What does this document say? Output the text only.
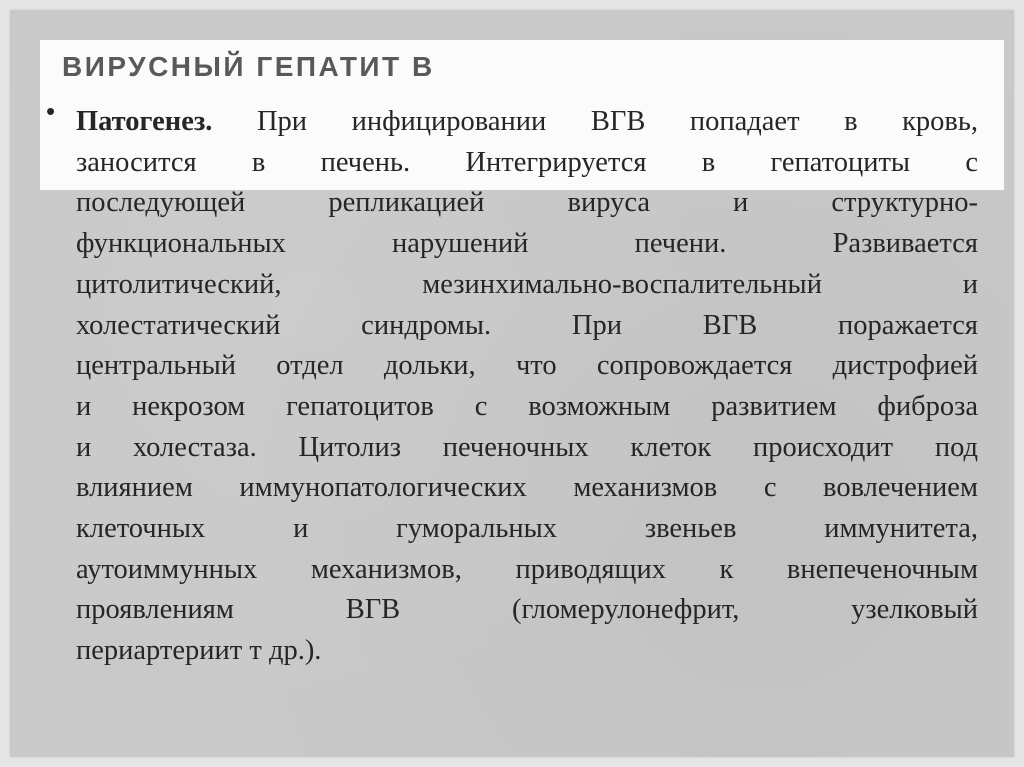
ВИРУСНЫЙ ГЕПАТИТ В
• Патогенез. При инфицировании ВГВ попадает в кровь,
заносится в печень. Интегрируется в гепатоциты с
последующей репликацией вируса и структурно-
функциональных нарушений печени. Развивается
цитолитический, мезинхимально-воспалительный и
холестатический синдромы. При ВГВ поражается
центральный отдел дольки, что сопровождается дистрофией
и некрозом гепатоцитов с возможным развитием фиброза
и холестаза. Цитолиз печеночных клеток происходит под
влиянием иммунопатологических механизмов с вовлечением
клеточных и гуморальных звеньев иммунитета,
аутоиммунных механизмов, приводящих к внепеченочным
проявлениям ВГВ (гломерулонефрит, узелковый
периартериит т др.).
